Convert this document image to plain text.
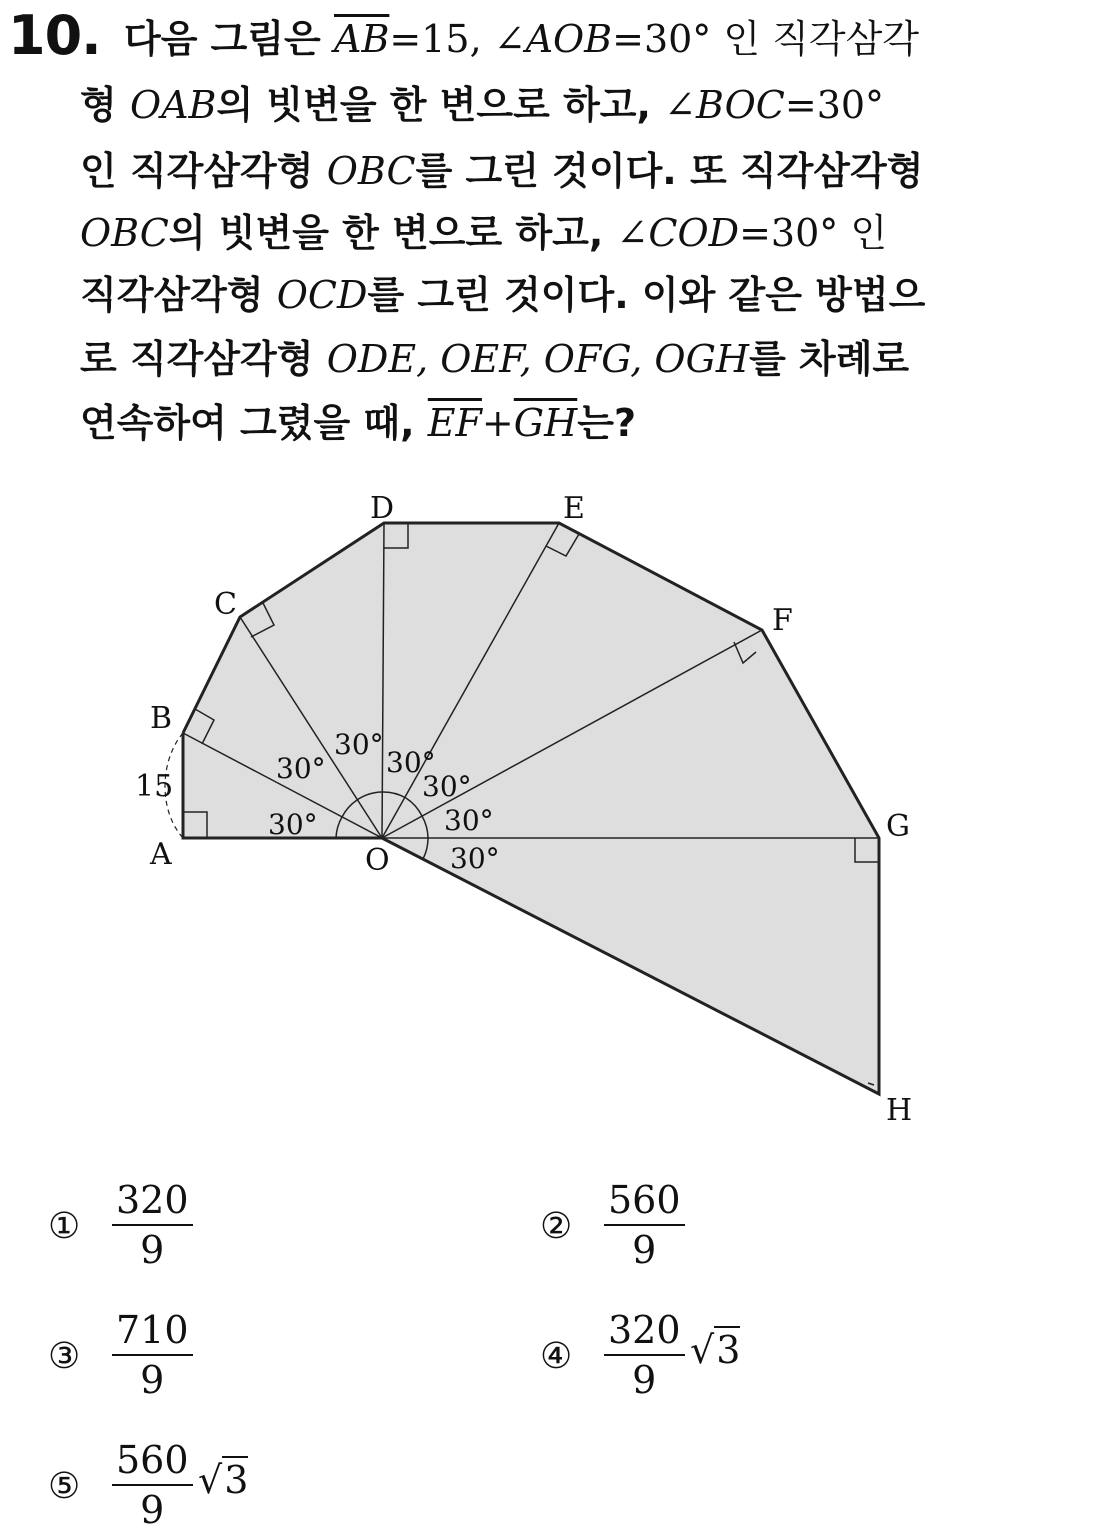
10. 다음 그림은 $\overline{AB}=15$, ∠AOB=30° 인 직각삼각
형 OAB의 빗변을 한 변으로 하고, ∠BOC=30°
인 직각삼각형 OBC를 그린 것이다. 또 직각삼각형
OBC의 빗변을 한 변으로 하고, ∠COD=30° 인
직각삼각형 OCD를 그린 것이다. 이와 같은 방법으
로 직각삼각형 ODE, OEF, OFG, OGH를 차례로
연속하여 그렸을 때, $\overline{EF}+\overline{GH}$는?
A
B
C
D	E
F
G
H
O
30°
30°
30°
30°
30°
30°
30°
15
① $\frac{320}{9}$	② $\frac{560}{9}$
③ $\frac{710}{9}$	④ $\frac{320}{9} √3$
⑤ $\frac{560}{9} √3$
